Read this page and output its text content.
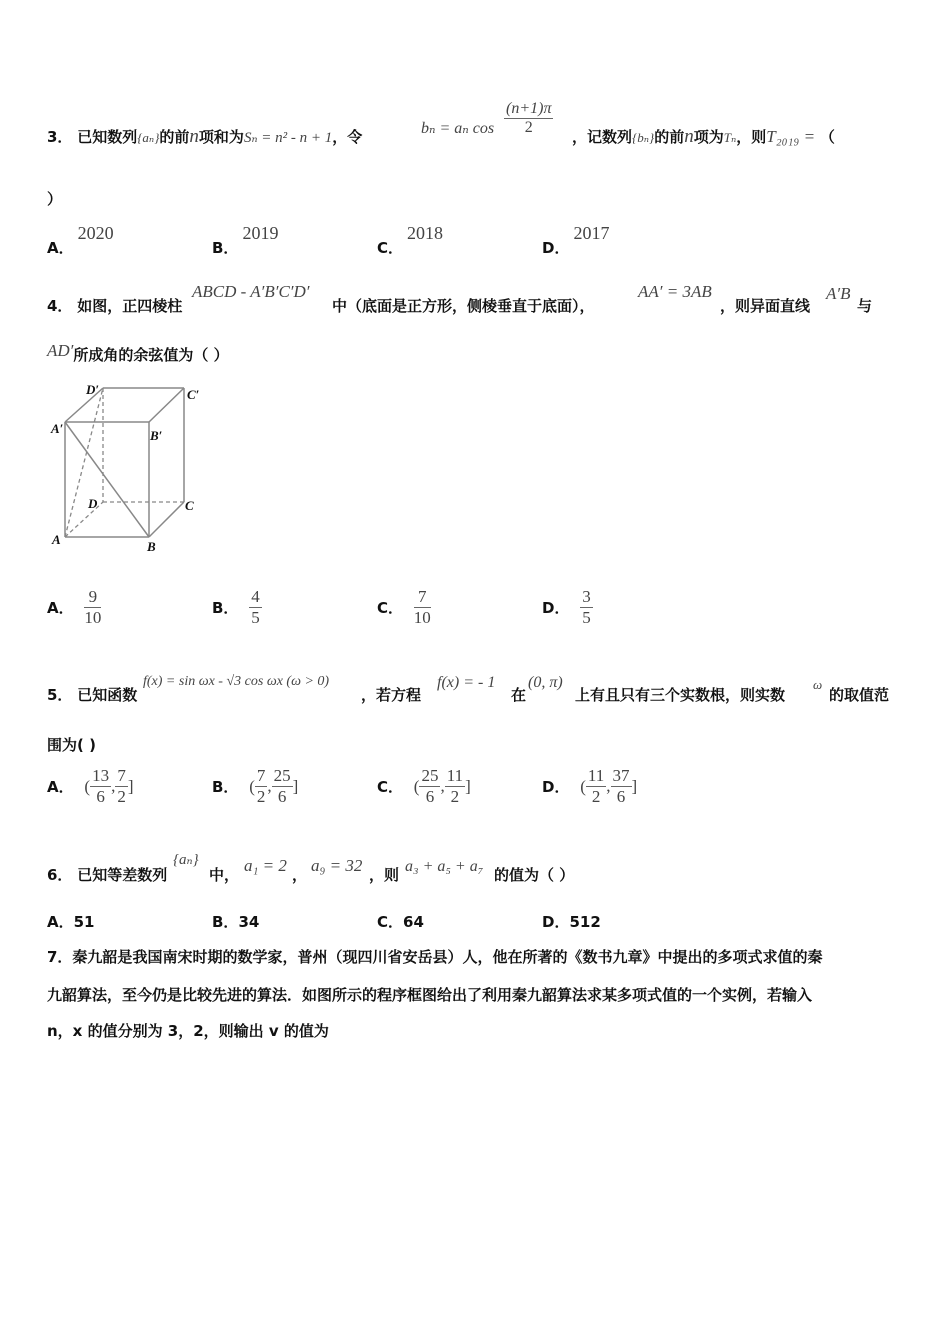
3． 已知数列{aₙ}的前n项和为Sₙ = n² - n + 1，令	bₙ = aₙ $\cos \frac{(n+1)\pi}{2}$ ，记数列{bₙ}的前n项为Tₙ，则T₂₀₁₉ = （
）
A．2020
B．2019
C．2018
D．2017
4． 如图，正四棱柱
ABCD - A′B′C′D′
中（底面是正方形，侧棱垂直于底面），
AA′ = 3AB
，则异面直线
A′B
与
AD′所成角的余弦值为（ ）
D′	C′
A′	B′
D	C
A	B
A． $\frac{9}{10}$	B． $\frac{4}{5}$	C． $\frac{7}{10}$	D． $\frac{3}{5}$
5． 已知函数
f(x) = sin ωx - √3 cos ωx (ω > 0)
，若方程
f(x) = - 1
在
(0, π)
上有且只有三个实数根，则实数
ω
的取值范
围为( )
A． ( $\frac{13}{6}$ , $\frac{7}{2}$ ]	B． ( $\frac{7}{2}$ , $\frac{25}{6}$ ]	C． ( $\frac{25}{6}$ , $\frac{11}{2}$ ]	D． ( $\frac{11}{2}$ , $\frac{37}{6}$ ]
6． 已知等差数列
{aₙ}
中， a₁ = 2 ， a₉ = 32 ，则 a₃ + a₅ + a₇ 的值为（ ）
A．51	B．34	C．64	D．512
7．秦九韶是我国南宋时期的数学家，普州（现四川省安岳县）人，他在所著的《数书九章》中提出的多项式求值的秦
九韶算法，至今仍是比较先进的算法．如图所示的程序框图给出了利用秦九韶算法求某多项式值的一个实例，若输入
n，x 的值分别为 3，2，则输出 v 的值为
